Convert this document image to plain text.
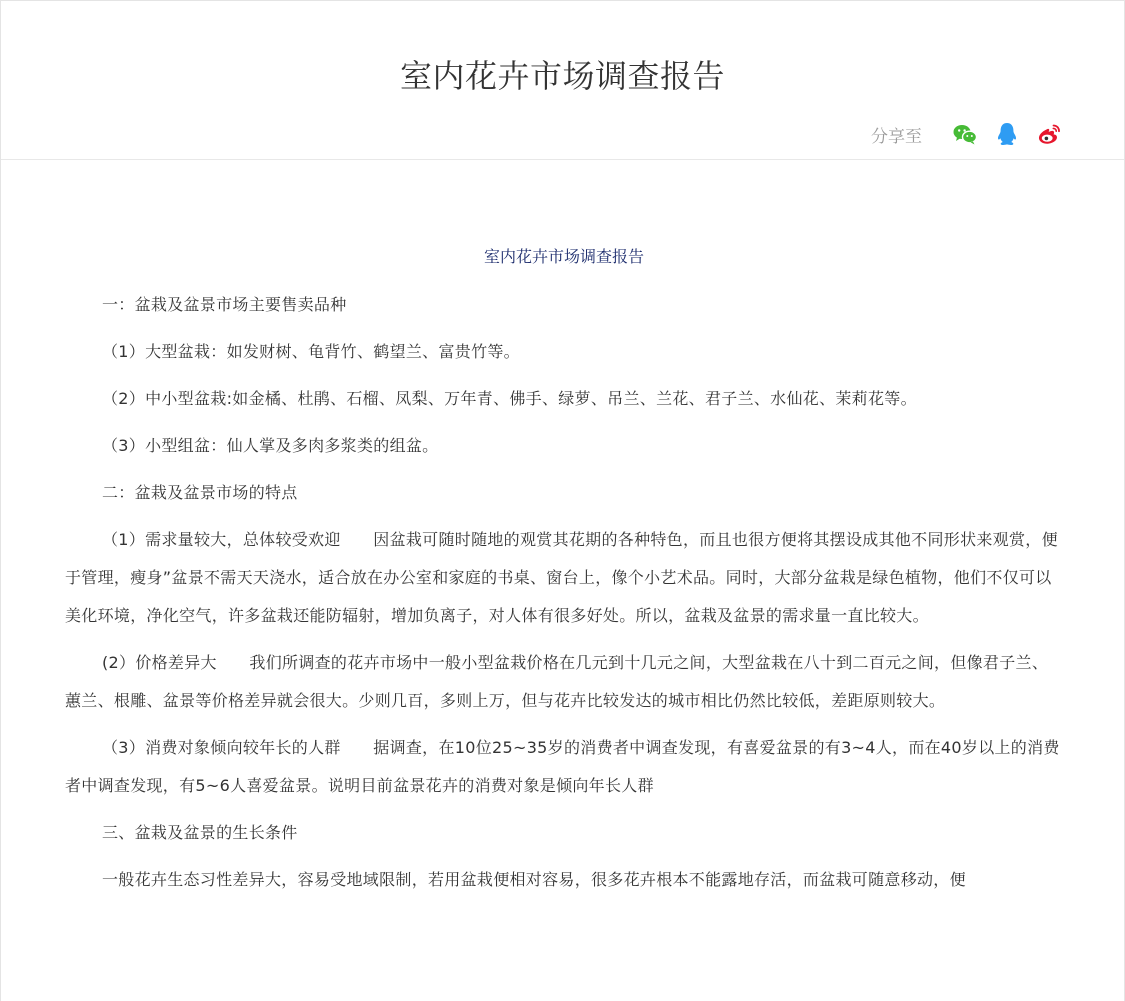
室内花卉市场调查报告
分享至
室内花卉市场调查报告

一：盆栽及盆景市场主要售卖品种

（1）大型盆栽：如发财树、龟背竹、鹤望兰、富贵竹等。

（2）中小型盆栽:如金橘、杜鹃、石榴、凤梨、万年青、佛手、绿萝、吊兰、兰花、君子兰、水仙花、茉莉花等。

（3）小型组盆：仙人掌及多肉多浆类的组盆。

二：盆栽及盆景市场的特点

（1）需求量较大，总体较受欢迎　　因盆栽可随时随地的观赏其花期的各种特色，而且也很方便将其摆设成其他不同形状来观赏，便于管理，瘦身”盆景不需天天浇水，适合放在办公室和家庭的书桌、窗台上，像个小艺术品。同时，大部分盆栽是绿色植物，他们不仅可以美化环境，净化空气，许多盆栽还能防辐射，增加负离子，对人体有很多好处。所以，盆栽及盆景的需求量一直比较大。

(2）价格差异大　　我们所调查的花卉市场中一般小型盆栽价格在几元到十几元之间，大型盆栽在八十到二百元之间，但像君子兰、蕙兰、根雕、盆景等价格差异就会很大。少则几百，多则上万，但与花卉比较发达的城市相比仍然比较低，差距原则较大。

（3）消费对象倾向较年长的人群　　据调查，在10位25~35岁的消费者中调查发现，有喜爱盆景的有3~4人，而在40岁以上的消费者中调查发现，有5~6人喜爱盆景。说明目前盆景花卉的消费对象是倾向年长人群

三、盆栽及盆景的生长条件

一般花卉生态习性差异大，容易受地域限制，若用盆栽便相对容易，很多花卉根本不能露地存活，而盆栽可随意移动，便
